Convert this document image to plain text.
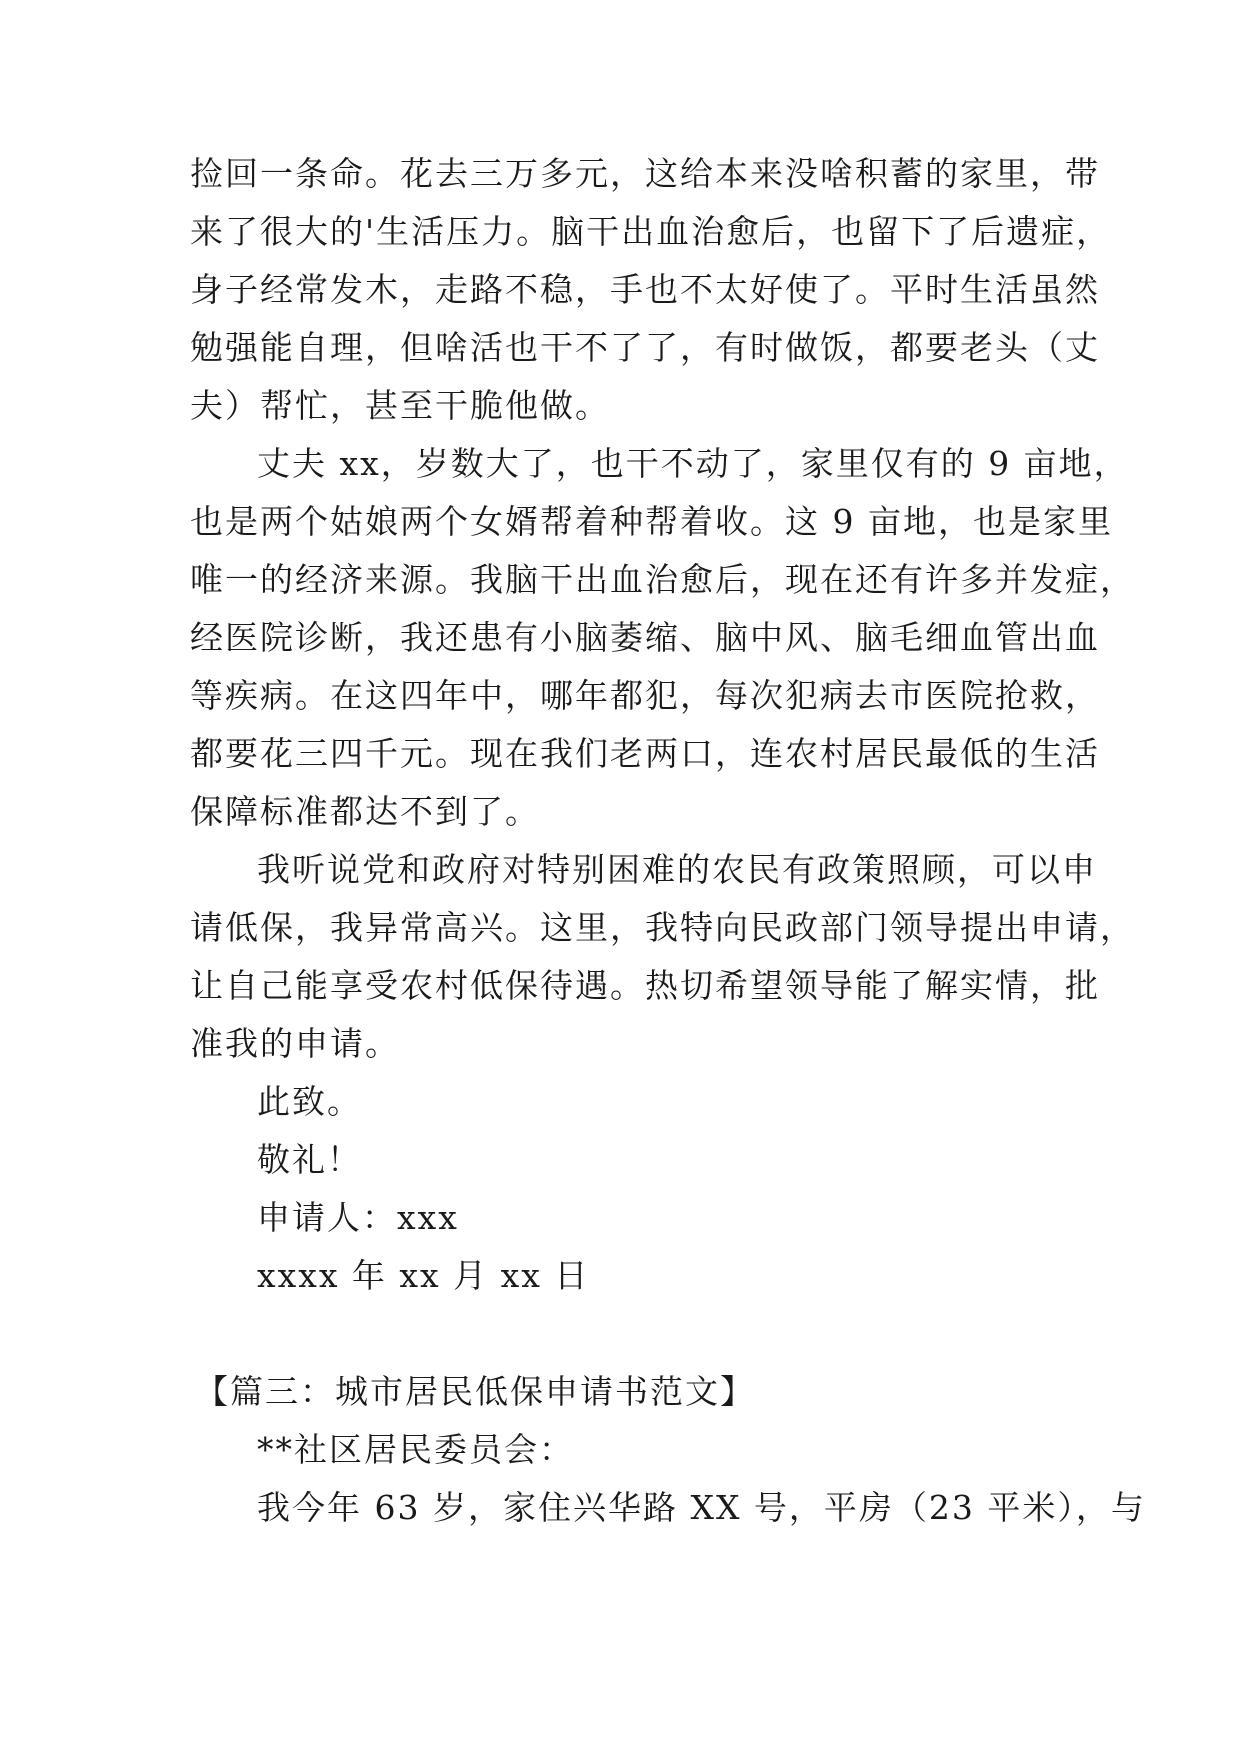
捡回一条命。花去三万多元，这给本来没啥积蓄的家里，带
来了很大的'生活压力。脑干出血治愈后，也留下了后遗症，
身子经常发木，走路不稳，手也不太好使了。平时生活虽然
勉强能自理，但啥活也干不了了，有时做饭，都要老头（丈
夫）帮忙，甚至干脆他做。
丈夫 xx，岁数大了，也干不动了，家里仅有的 9 亩地，
也是两个姑娘两个女婿帮着种帮着收。这 9 亩地，也是家里
唯一的经济来源。我脑干出血治愈后，现在还有许多并发症，
经医院诊断，我还患有小脑萎缩、脑中风、脑毛细血管出血
等疾病。在这四年中，哪年都犯，每次犯病去市医院抢救，
都要花三四千元。现在我们老两口，连农村居民最低的生活
保障标准都达不到了。
我听说党和政府对特别困难的农民有政策照顾，可以申
请低保，我异常高兴。这里，我特向民政部门领导提出申请，
让自己能享受农村低保待遇。热切希望领导能了解实情，批
准我的申请。
此致。
敬礼！
申请人：xxx
xxxx 年 xx 月 xx 日
【篇三：城市居民低保申请书范文】
**社区居民委员会：
我今年 63 岁，家住兴华路 XX 号，平房（23 平米），与
